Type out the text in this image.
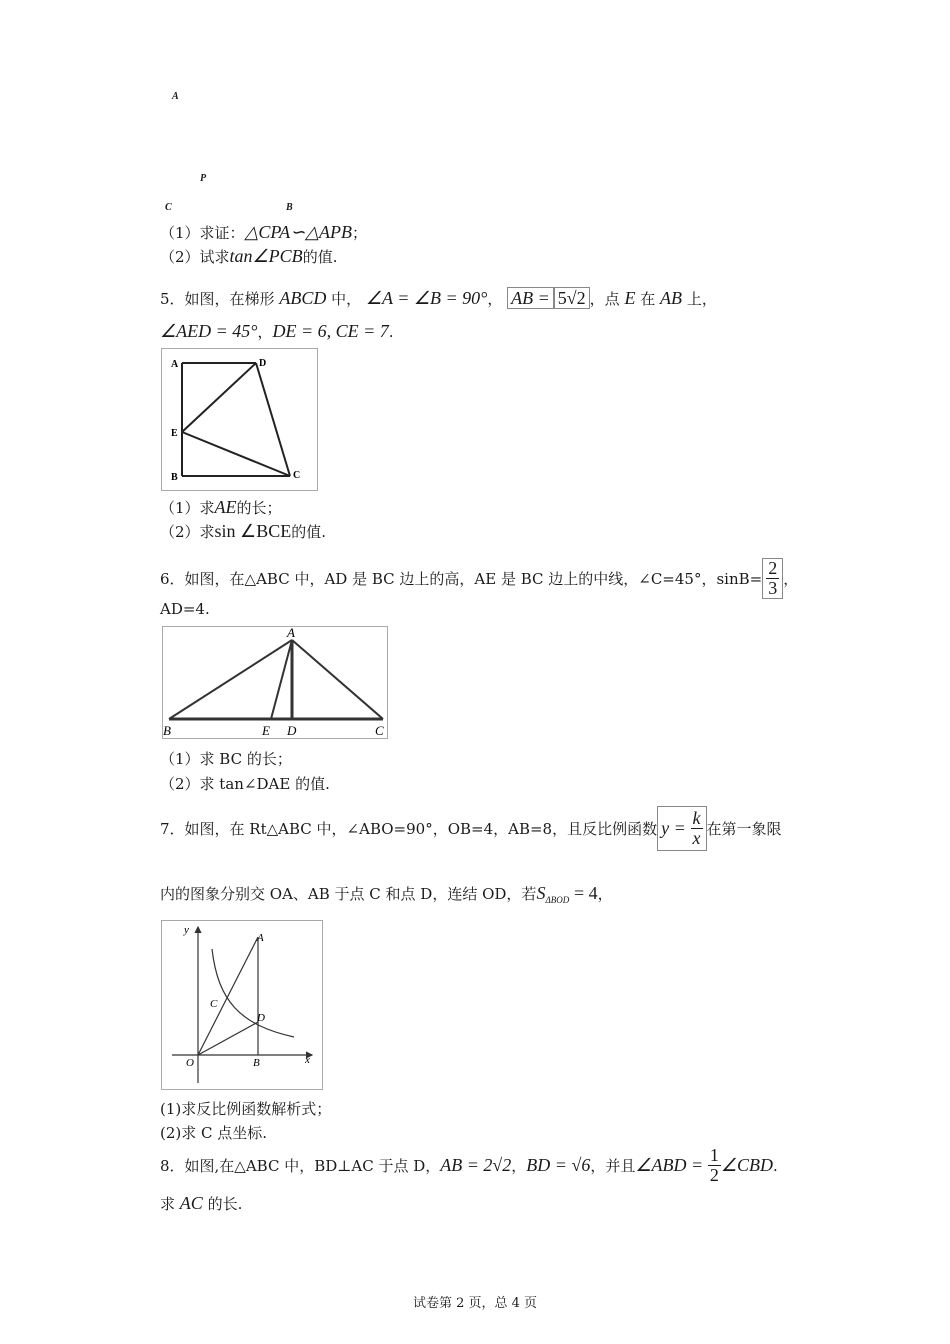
A
P
C	B
（1）求证：△CPA∽△APB；
（2）试求tan∠PCB的值.
5．如图，在梯形 ABCD 中， ∠A = ∠B = 90°， AB = 5√2 ，点 E 在 AB 上，
∠AED = 45°，DE = 6, CE = 7.
A	D
E
B	C
（1）求AE的长；
（2）求sin ∠BCE的值.
6．如图，在△ABC 中，AD 是 BC 边上的高，AE 是 BC 边上的中线，∠C=45°，$\sin B= \frac{2}{3}$ ，
AD=4.
A
B	E D	C
（1）求 BC 的长；
（2）求 tan∠DAE 的值.
7．如图，在 Rt△ABC 中，∠ABO=90°，OB=4，AB=8，且反比例函数 y =
$\frac{k}{x}$ 在第一象限
内的图象分别交 OA、AB 于点 C 和点 D，连结 OD，若$S_{\Delta BOD} = 4$，
y
A
C
D
O	B	x
(1)求反比例函数解析式；
(2)求 C 点坐标.
8．如图,在△ABC 中，BD⊥AC 于点 D， AB = 2√2 ， BD = √6 ，并且 ∠ABD =
$\frac{1}{2}$ ∠CBD .
求 AC 的长.
试卷第 2 页，总 4 页
